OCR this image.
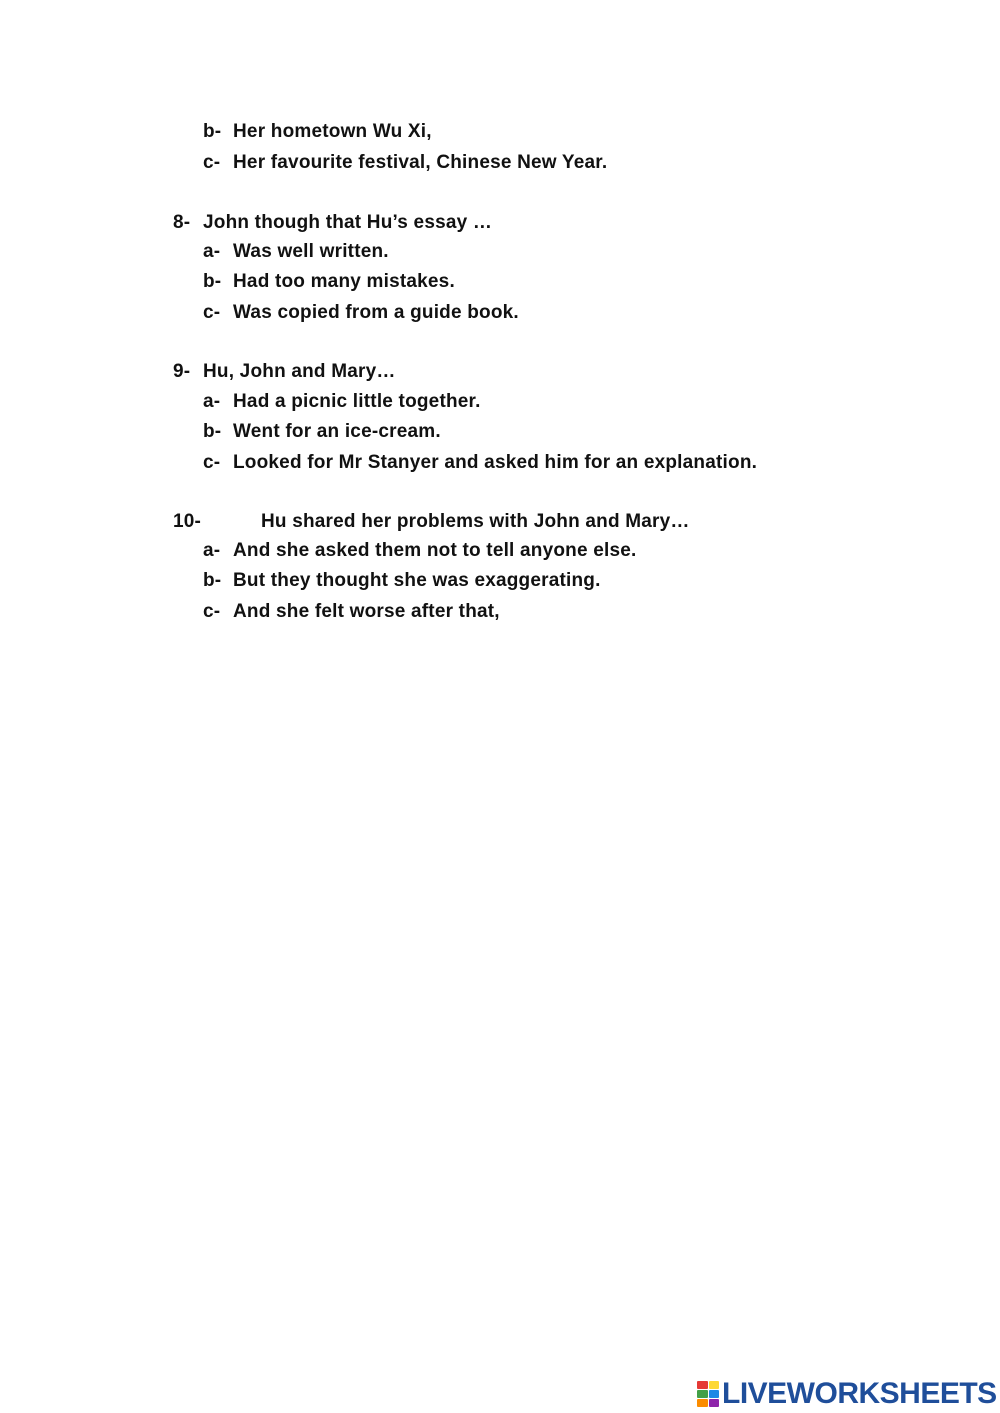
b- Her hometown Wu Xi,
c- Her favourite festival, Chinese New Year.
8- John though that Hu’s essay …
a- Was well written.
b- Had too many mistakes.
c- Was copied from a guide book.
9- Hu, John and Mary…
a- Had a picnic little together.
b- Went for an ice-cream.
c- Looked for Mr Stanyer and asked him for an explanation.
10-	Hu shared her problems with John and Mary…
a- And she asked them not to tell anyone else.
b- But they thought she was exaggerating.
c- And she felt worse after that,
LIVEWORKSHEETS
